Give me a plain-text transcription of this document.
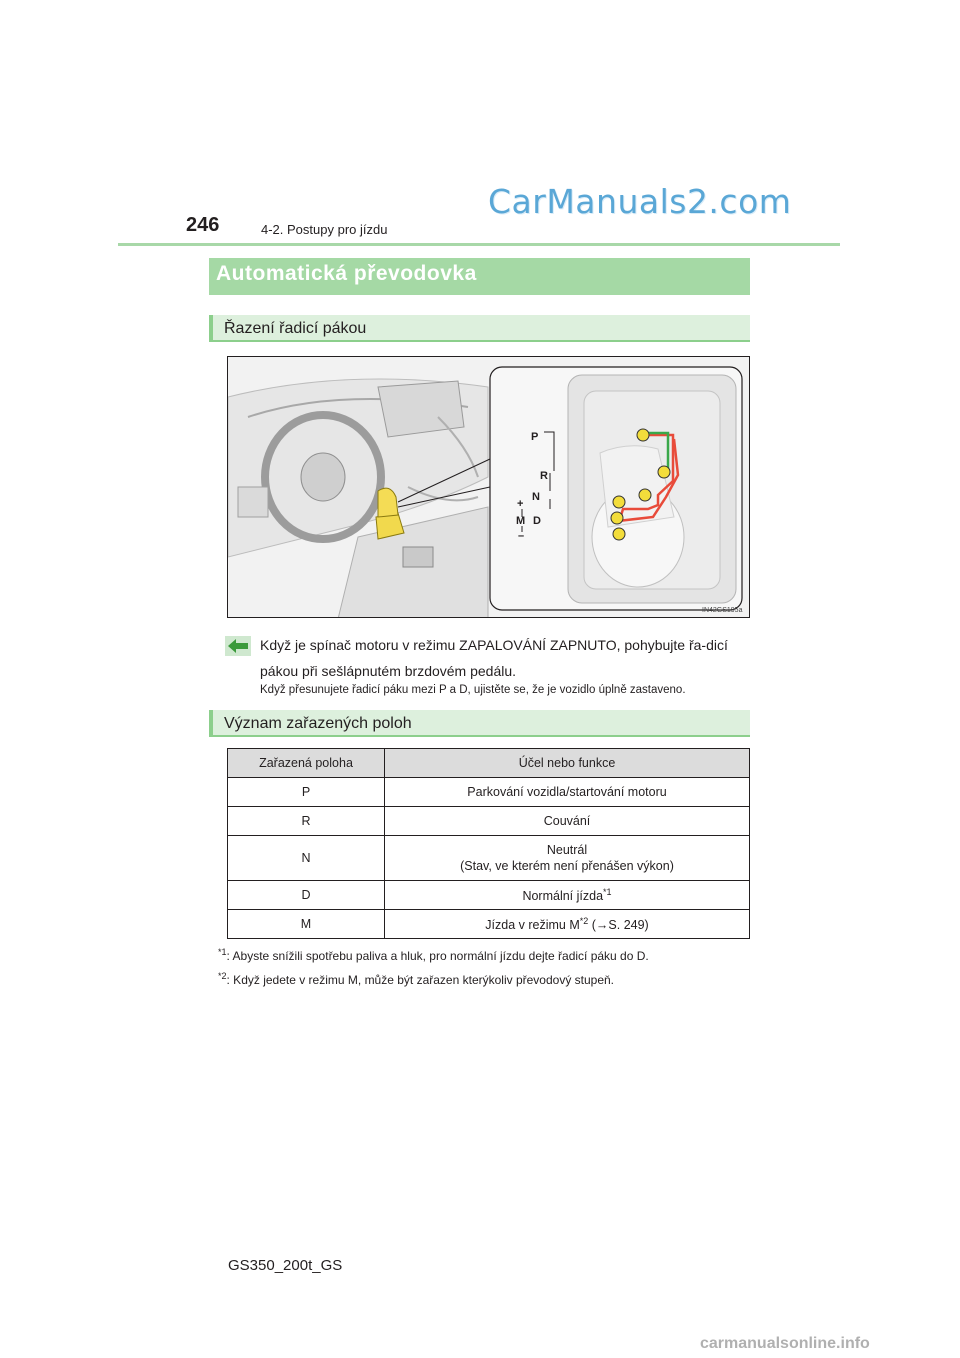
246	4-2. Postupy pro jízdu
CarManuals2.com
Automatická převodovka
Řazení řadicí pákou
P
R
N
D
M
+
–
IN42GS195a
Když je spínač motoru v režimu ZAPALOVÁNÍ ZAPNUTO, pohybujte řa-dicí pákou při sešlápnutém brzdovém pedálu.
Když přesunujete řadicí páku mezi P a D, ujistěte se, že je vozidlo úplně zastaveno.
Význam zařazených poloh
Zařazená poloha	Účel nebo funkce
P	Parkování vozidla/startování motoru
R	Couvání
N	Neutrál
(Stav, ve kterém není přenášen výkon)
D	Normální jízda$^{*1}$
M	Jízda v režimu $M^{*2}$ (→S. 249)
$^{*1}$: Abyste snížili spotřebu paliva a hluk, pro normální jízdu dejte řadicí páku do D.
$^{*2}$: Když jedete v režimu M, může být zařazen kterýkoliv převodový stupeň.
GS350_200t_GS
carmanualsonline.info
